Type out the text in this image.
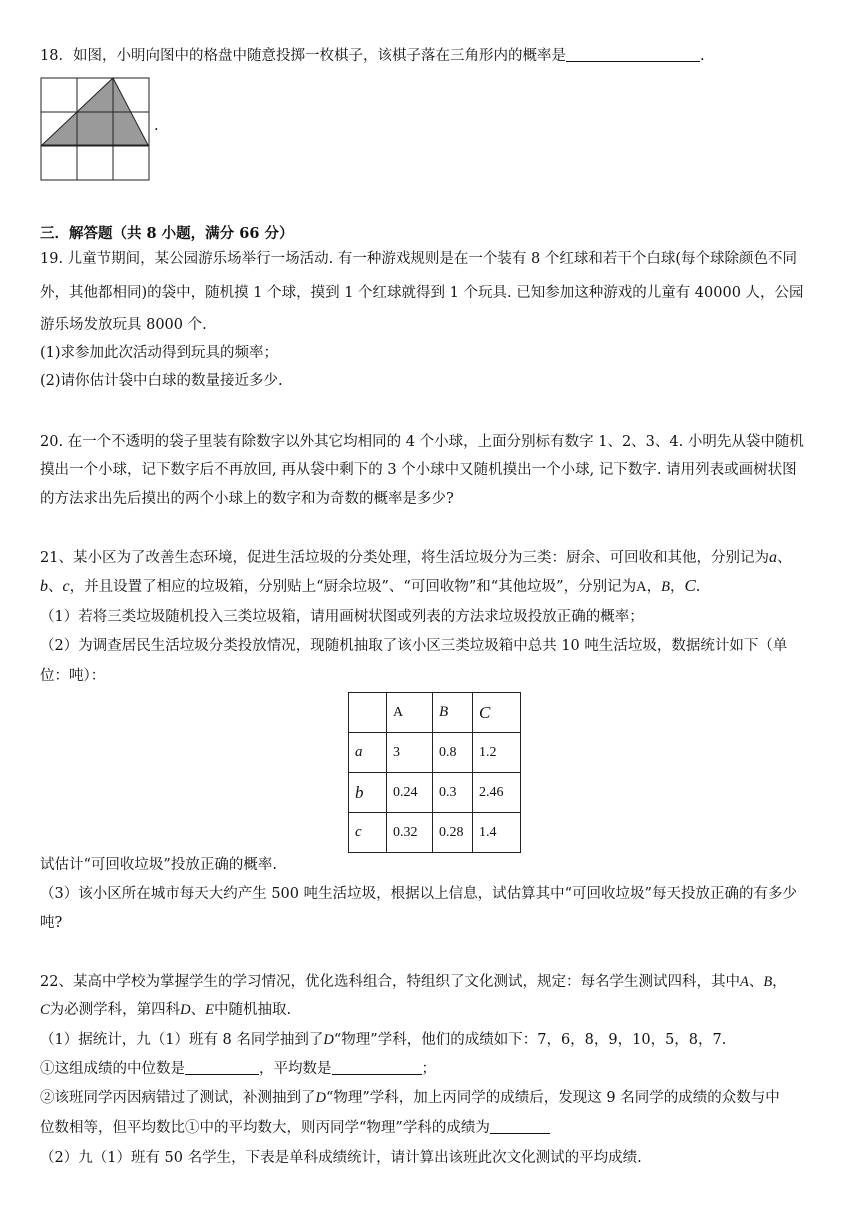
18．如图，小明向图中的格盘中随意投掷一枚棋子，该棋子落在三角形内的概率是	.
.
三．解答题（共 8 小题，满分 66 分）
19. 儿童节期间，某公园游乐场举行一场活动. 有一种游戏规则是在一个装有 8 个红球和若干个白球(每个球除颜色不同
外，其他都相同)的袋中，随机摸 1 个球，摸到 1 个红球就得到 1 个玩具. 已知参加这种游戏的儿童有 40000 人，公园
游乐场发放玩具 8000 个.
(1)求参加此次活动得到玩具的频率；
(2)请你估计袋中白球的数量接近多少.
20. 在一个不透明的袋子里装有除数字以外其它均相同的 4 个小球，上面分别标有数字 1、2、3、4. 小明先从袋中随机
摸出一个小球，记下数字后不再放回, 再从袋中剩下的 3 个小球中又随机摸出一个小球, 记下数字. 请用列表或画树状图
的方法求出先后摸出的两个小球上的数字和为奇数的概率是多少?
21、某小区为了改善生态环境，促进生活垃圾的分类处理，将生活垃圾分为三类：厨余、可回收和其他，分别记为a、
b、c，并且设置了相应的垃圾箱，分别贴上“厨余垃圾”、“可回收物”和“其他垃圾”，分别记为A，B，C.
（1）若将三类垃圾随机投入三类垃圾箱，请用画树状图或列表的方法求垃圾投放正确的概率；
（2）为调查居民生活垃圾分类投放情况，现随机抽取了该小区三类垃圾箱中总共 10 吨生活垃圾，数据统计如下（单
位：吨）：
	A	B	C
a	3	0.8	1.2
b	0.24	0.3	2.46
c	0.32	0.28	1.4
试估计“可回收垃圾”投放正确的概率.
（3）该小区所在城市每天大约产生 500 吨生活垃圾，根据以上信息，试估算其中“可回收垃圾”每天投放正确的有多少
吨?
22、某高中学校为掌握学生的学习情况，优化选科组合，特组织了文化测试，规定：每名学生测试四科，其中A、B，
C为必测学科，第四科D、E中随机抽取.
（1）据统计，九（1）班有 8 名同学抽到了D“物理”学科，他们的成绩如下：7，6，8，9，10，5，8，7.
①这组成绩的中位数是	，平均数是	；
②该班同学丙因病错过了测试，补测抽到了D“物理”学科，加上丙同学的成绩后，发现这 9 名同学的成绩的众数与中
位数相等，但平均数比①中的平均数大，则丙同学“物理”学科的成绩为
（2）九（1）班有 50 名学生，下表是单科成绩统计，请计算出该班此次文化测试的平均成绩.
